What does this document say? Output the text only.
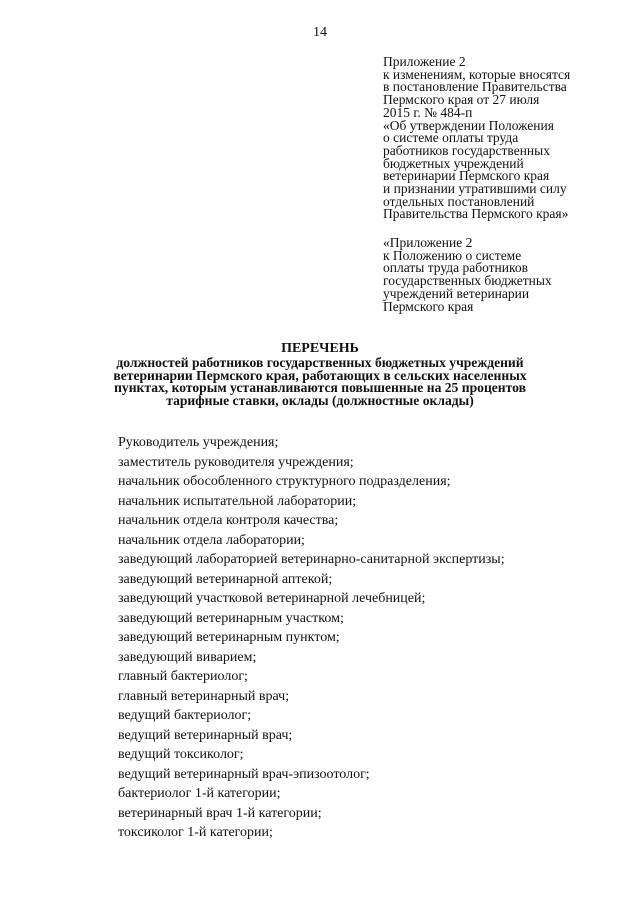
14
Приложение 2
к изменениям, которые вносятся
в постановление Правительства
Пермского края от 27 июля
2015 г. № 484-п
«Об утверждении Положения
о системе оплаты труда
работников государственных
бюджетных учреждений
ветеринарии Пермского края
и признании утратившими силу
отдельных постановлений
Правительства Пермского края»
«Приложение 2
к Положению о системе
оплаты труда работников
государственных бюджетных
учреждений ветеринарии
Пермского края
ПЕРЕЧЕНЬ
должностей работников государственных бюджетных учреждений
ветеринарии Пермского края, работающих в сельских населенных
пунктах, которым устанавливаются повышенные на 25 процентов
тарифные ставки, оклады (должностные оклады)
Руководитель учреждения;
заместитель руководителя учреждения;
начальник обособленного структурного подразделения;
начальник испытательной лаборатории;
начальник отдела контроля качества;
начальник отдела лаборатории;
заведующий лабораторией ветеринарно-санитарной экспертизы;
заведующий ветеринарной аптекой;
заведующий участковой ветеринарной лечебницей;
заведующий ветеринарным участком;
заведующий ветеринарным пунктом;
заведующий виварием;
главный бактериолог;
главный ветеринарный врач;
ведущий бактериолог;
ведущий ветеринарный врач;
ведущий токсиколог;
ведущий ветеринарный врач-эпизоотолог;
бактериолог 1-й категории;
ветеринарный врач 1-й категории;
токсиколог 1-й категории;
